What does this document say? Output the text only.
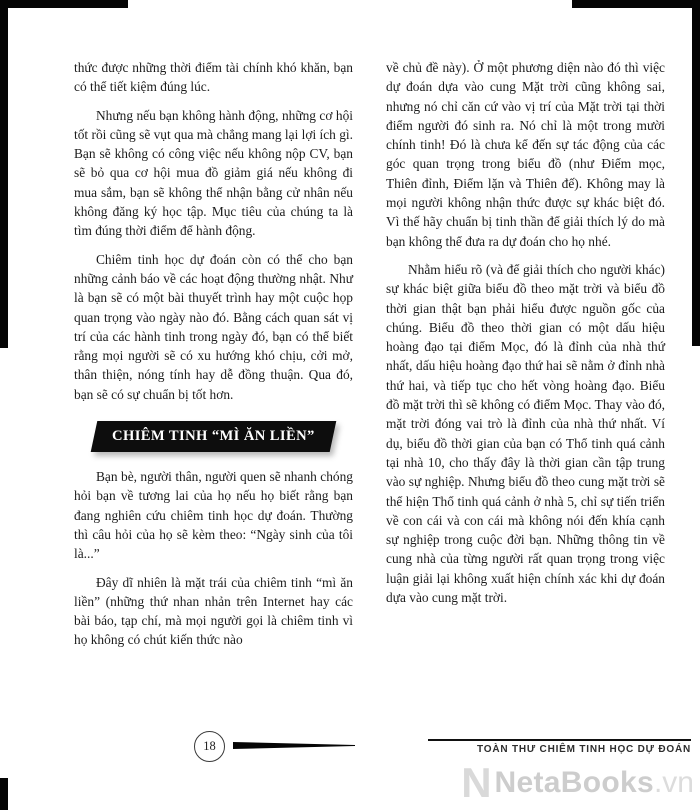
thức được những thời điểm tài chính khó khăn, bạn có thể tiết kiệm đúng lúc.

Nhưng nếu bạn không hành động, những cơ hội tốt rồi cũng sẽ vụt qua mà chẳng mang lại lợi ích gì. Bạn sẽ không có công việc nếu không nộp CV, bạn sẽ bỏ qua cơ hội mua đồ giảm giá nếu không đi mua sắm, bạn sẽ không thể nhận bằng cử nhân nếu không đăng ký học tập. Mục tiêu của chúng ta là tìm đúng thời điểm để hành động.

Chiêm tinh học dự đoán còn có thể cho bạn những cảnh báo về các hoạt động thường nhật. Như là bạn sẽ có một bài thuyết trình hay một cuộc họp quan trọng vào ngày nào đó. Bằng cách quan sát vị trí của các hành tinh trong ngày đó, bạn có thể biết rằng mọi người sẽ có xu hướng khó chịu, cởi mở, thân thiện, nóng tính hay dễ đồng thuận. Qua đó, bạn sẽ có sự chuẩn bị tốt hơn.

CHIÊM TINH “MÌ ĂN LIỀN”

Bạn bè, người thân, người quen sẽ nhanh chóng hỏi bạn về tương lai của họ nếu họ biết rằng bạn đang nghiên cứu chiêm tinh học dự đoán. Thường thì câu hỏi của họ sẽ kèm theo: “Ngày sinh của tôi là...”

Đây dĩ nhiên là mặt trái của chiêm tinh “mì ăn liền” (những thứ nhan nhản trên Internet hay các bài báo, tạp chí, mà mọi người gọi là chiêm tinh vì họ không có chút kiến thức nào

về chủ đề này). Ở một phương diện nào đó thì việc dự đoán dựa vào cung Mặt trời cũng không sai, nhưng nó chỉ căn cứ vào vị trí của Mặt trời tại thời điểm người đó sinh ra. Nó chỉ là một trong mười chính tinh! Đó là chưa kể đến sự tác động của các góc quan trọng trong biểu đồ (như Điểm mọc, Thiên đỉnh, Điểm lặn và Thiên đế). Không may là mọi người không nhận thức được sự khác biệt đó. Vì thế hãy chuẩn bị tinh thần để giải thích lý do mà bạn không thể đưa ra dự đoán cho họ nhé.

Nhằm hiểu rõ (và để giải thích cho người khác) sự khác biệt giữa biểu đồ theo mặt trời và biểu đồ thời gian thật bạn phải hiểu được nguồn gốc của chúng. Biểu đồ theo thời gian có một dấu hiệu hoàng đạo tại điểm Mọc, đó là đỉnh của nhà thứ nhất, dấu hiệu hoàng đạo thứ hai sẽ nằm ở đỉnh nhà thứ hai, và tiếp tục cho hết vòng hoàng đạo. Biểu đồ mặt trời thì sẽ không có điểm Mọc. Thay vào đó, mặt trời đóng vai trò là đỉnh của nhà thứ nhất. Ví dụ, biểu đồ thời gian của bạn có Thổ tinh quá cảnh tại nhà 10, cho thấy đây là thời gian cần tập trung vào sự nghiệp. Nhưng biểu đồ theo cung mặt trời sẽ thể hiện Thổ tinh quá cảnh ở nhà 5, chỉ sự tiến triển về con cái và con cái mà không nói đến khía cạnh sự nghiệp trong cuộc đời bạn. Những thông tin về cung nhà của từng người rất quan trọng trong việc luận giải lại không xuất hiện chính xác khi dự đoán dựa vào cung mặt trời.

18	TOÀN THƯ CHIÊM TINH HỌC DỰ ĐOÁN
N NetaBooks .vn
